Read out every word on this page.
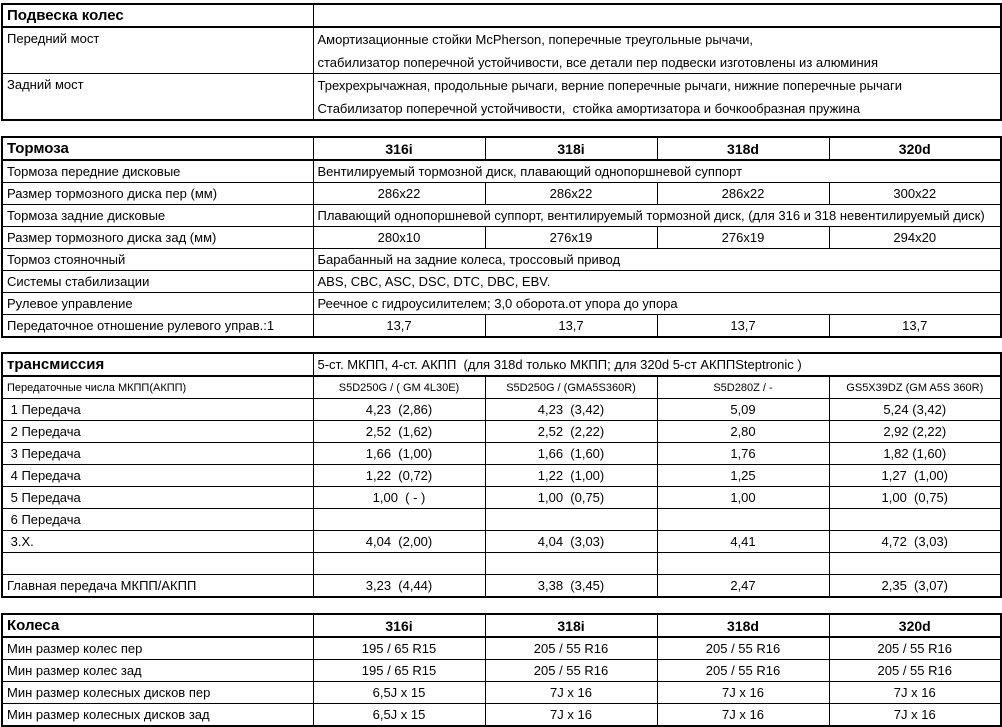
Подвеска колес	
Передний мост	Амортизационные стойки McPherson, поперечные треугольные рычачи,
стабилизатор поперечной устойчивости, все детали пер подвески изготовлены из алюминия

Задний мост	Трехрехрычажная, продольные рычаги, верние поперечные рычаги, нижние поперечные рычаги
Стабилизатор поперечной устойчивости,  стойка амортизатора и бочкообразная пружина
Тормоза	316i	318i	318d	320d
Тормоза передние дисковые	Вентилируемый тормозной диск, плавающий однопоршневой суппорт			
Размер тормозного диска пер (мм)	286x22	286x22	286x22	300x22
Тормоза задние дисковые	Плавающий однопоршневой суппорт, вентилируемый тормозной диск, (для 316 и 318 невентилируемый диск)			
Размер тормозного диска зад (мм)	280x10	276x19	276x19	294x20
Тормоз стояночный	Барабанный на задние колеса, троссовый привод			
Системы стабилизации	ABS, CBC, ASC, DSC, DTC, DBC, EBV.			
Рулевое управление	Реечное с гидроусилителем; 3,0 оборота.от упора до упора			
Передаточное отношение рулевого управ.:1	13,7	13,7	13,7	13,7
трансмиссия	5-ст. МКПП, 4-ст. АКПП  (для 318d только МКПП; для 320d 5-ст АКППSteptronic )			
Передаточные числа МКПП(АКПП)	S5D250G / ( GM 4L30E)	S5D250G / (GMA5S360R)	S5D280Z / -	GS5X39DZ (GM A5S 360R)
1 Передача	4,23  (2,86)	4,23  (3,42)	5,09	5,24 (3,42)
2 Передача	2,52  (1,62)	2,52  (2,22)	2,80	2,92 (2,22)
3 Передача	1,66  (1,00)	1,66  (1,60)	1,76	1,82 (1,60)
4 Передача	1,22  (0,72)	1,22  (1,00)	1,25	1,27  (1,00)
5 Передача	1,00  ( - )	1,00  (0,75)	1,00	1,00  (0,75)
6 Передача				
3.Х.	4,04  (2,00)	4,04  (3,03)	4,41	4,72  (3,03)

Главная передача МКПП/АКПП	3,23  (4,44)	3,38  (3,45)	2,47	2,35  (3,07)
Колеса	316i	318i	318d	320d
Мин размер колес пер	195 / 65 R15	205 / 55 R16	205 / 55 R16	205 / 55 R16
Мин размер колес зад	195 / 65 R15	205 / 55 R16	205 / 55 R16	205 / 55 R16
Мин размер колесных дисков пер	6,5J x 15	7J x 16	7J x 16	7J x 16
Мин размер колесных дисков зад	6,5J x 15	7J x 16	7J x 16	7J x 16
